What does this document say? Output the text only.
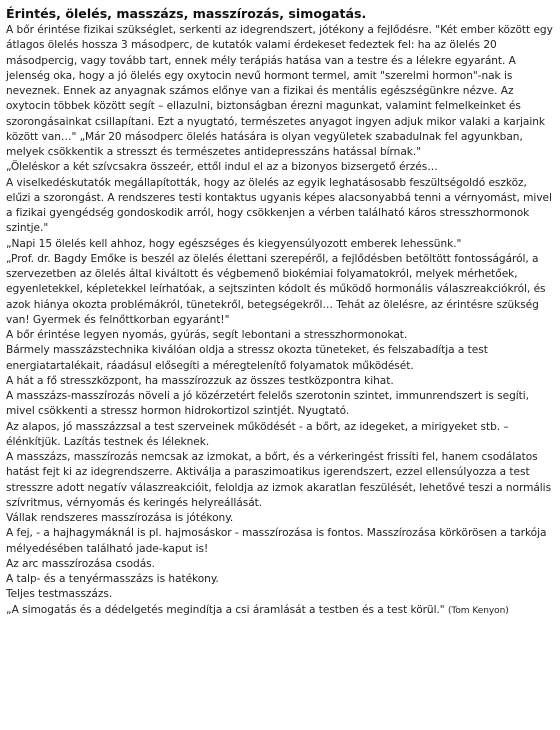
Érintés, ölelés, masszázs, masszírozás, simogatás.

A bőr érintése fizikai szükséglet, serkenti az idegrendszert, jótékony a fejlődésre. "Két ember között egy átlagos ölelés hossza 3 másodperc, de kutatók valami érdekeset fedeztek fel: ha az ölelés 20 másodpercig, vagy tovább tart, ennek mély terápiás hatása van a testre és a lélekre egyaránt. A jelenség oka, hogy a jó ölelés egy oxytocin nevű hormont termel, amit "szerelmi hormon"-nak is neveznek. Ennek az anyagnak számos előnye van a fizikai és mentális egészségünkre nézve. Az oxytocin többek között segít – ellazulni, biztonságban érezni magunkat, valamint felmelkeinket és szorongásainkat csillapítani. Ezt a nyugtató, természetes anyagot ingyen adjuk mikor valaki a karjaink között van…" „Már 20 másodperc ölelés hatására is olyan vegyületek szabadulnak fel agyunkban, melyek csökkentik a stresszt és természetes antidepresszáns hatással bírnak."

„Öleléskor a két szívcsakra összeér, ettől indul el az a bizonyos bizsergető érzés…

A viselkedéskutatók megállapították, hogy az ölelés az egyik leghatásosabb feszültségoldó eszköz, elűzi a szorongást. A rendszeres testi kontaktus ugyanis képes alacsonyabbá tenni a vérnyomást, mivel a fizikai gyengédség gondoskodik arról, hogy csökkenjen a vérben található káros stresszhormonok szintje."

„Napi 15 ölelés kell ahhoz, hogy egészséges és kiegyensúlyozott emberek lehessünk."

„Prof. dr. Bagdy Emőke is beszél az ölelés élettani szerepéről, a fejlődésben betöltött fontosságáról, a szervezetben az ölelés által kiváltott és végbemenő biokémiai folyamatokról, melyek mérhetőek, egyenletekkel, képletekkel leírhatóak, a sejtszinten kódolt és működő hormonális válaszreakciókról, és azok hiánya okozta problémákról, tünetekről, betegségekről… Tehát az ölelésre, az érintésre szükség van! Gyermek és felnőttkorban egyaránt!"

A bőr érintése legyen nyomás, gyúrás, segít lebontani a stresszhormonokat.

Bármely masszázstechnika kiválóan oldja a stressz okozta tüneteket, és felszabadítja a test energiatartalékait, ráadásul elősegíti a méregtelenítő folyamatok működését.

A hát a fő stresszközpont, ha masszírozzuk az összes testközpontra kihat.

A masszázs-masszírozás növeli a jó közérzetért felelős szerotonin szintet, immunrendszert is segíti, mivel csökkenti a stressz hormon hidrokortizol szintjét. Nyugtató.

Az alapos, jó masszázzsal a test szerveinek működését - a bőrt, az idegeket, a mirigyeket stb. – élénkítjük. Lazítás testnek és léleknek.

A masszázs, masszírozás nemcsak az izmokat, a bőrt, és a vérkeringést frissíti fel, hanem csodálatos hatást fejt ki az idegrendszerre. Aktiválja a paraszimoatikus igerendszert, ezzel ellensúlyozza a test stresszre adott negatív válaszreakcióit, feloldja az izmok akaratlan feszülését, lehetővé teszi a normális szívritmus, vérnyomás és keringés helyreállását.

Vállak rendszeres masszírozása is jótékony.

A fej, - a hajhagymáknál is pl. hajmosáskor - masszírozása is fontos. Masszírozása körkörösen a tarkója mélyedésében található jade-kaput is!

Az arc masszírozása csodás.

A talp- és a tenyérmasszázs is hatékony.

Teljes testmasszázs.

„A simogatás és a dédelgetés megindítja a csi áramlását a testben és a test körül." (Tom Kenyon)
